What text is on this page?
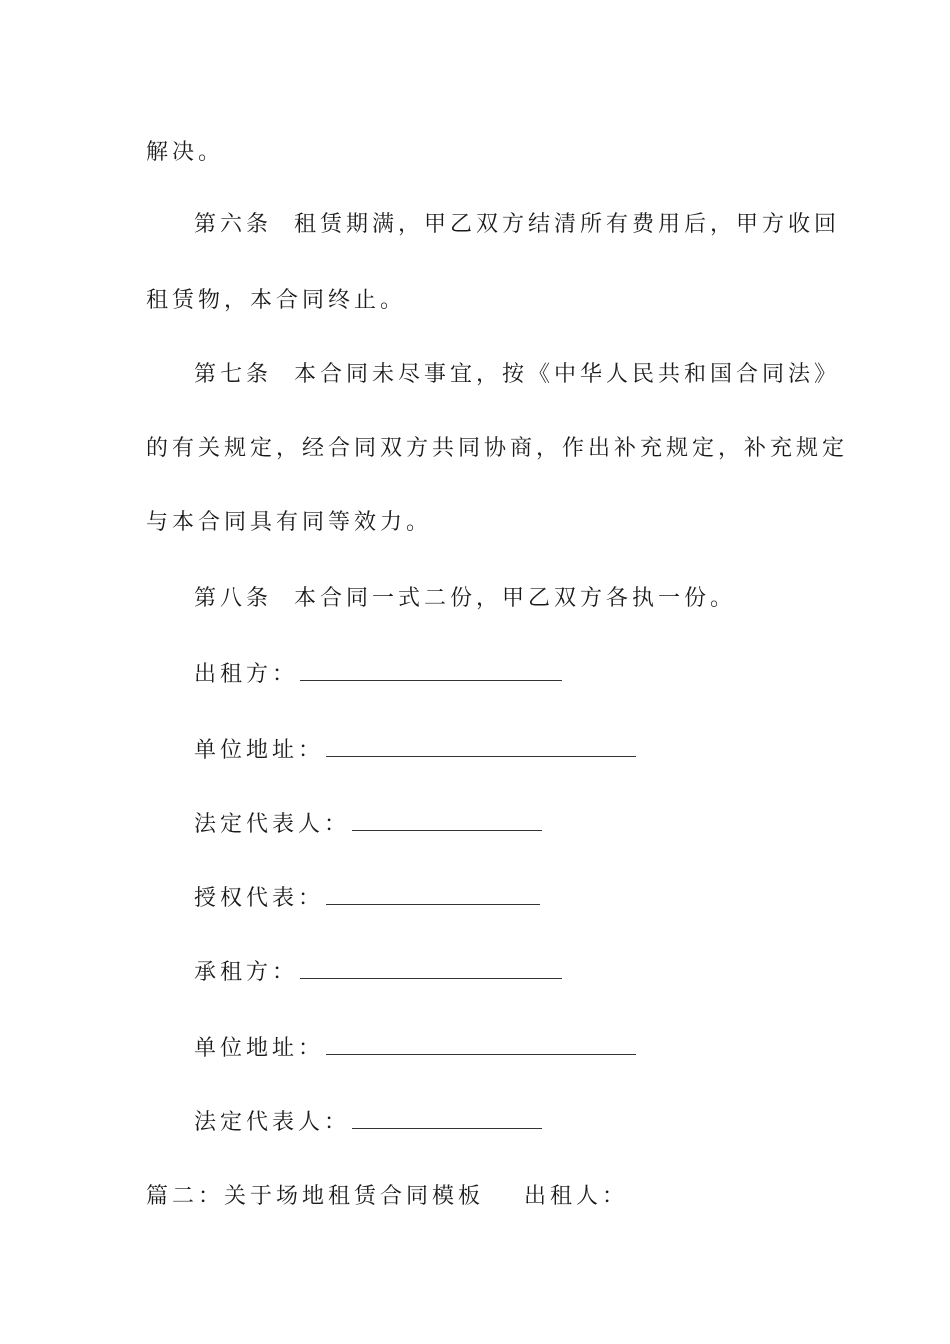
解决。
第六条 租赁期满，甲乙双方结清所有费用后，甲方收回
租赁物，本合同终止。
第七条 本合同未尽事宜，按《中华人民共和国合同法》
的有关规定，经合同双方共同协商，作出补充规定，补充规定
与本合同具有同等效力。
第八条 本合同一式二份，甲乙双方各执一份。
出租方：
单位地址：
法定代表人：
授权代表：
承租方：
单位地址：
法定代表人：
篇二：关于场地租赁合同模板 出租人：
